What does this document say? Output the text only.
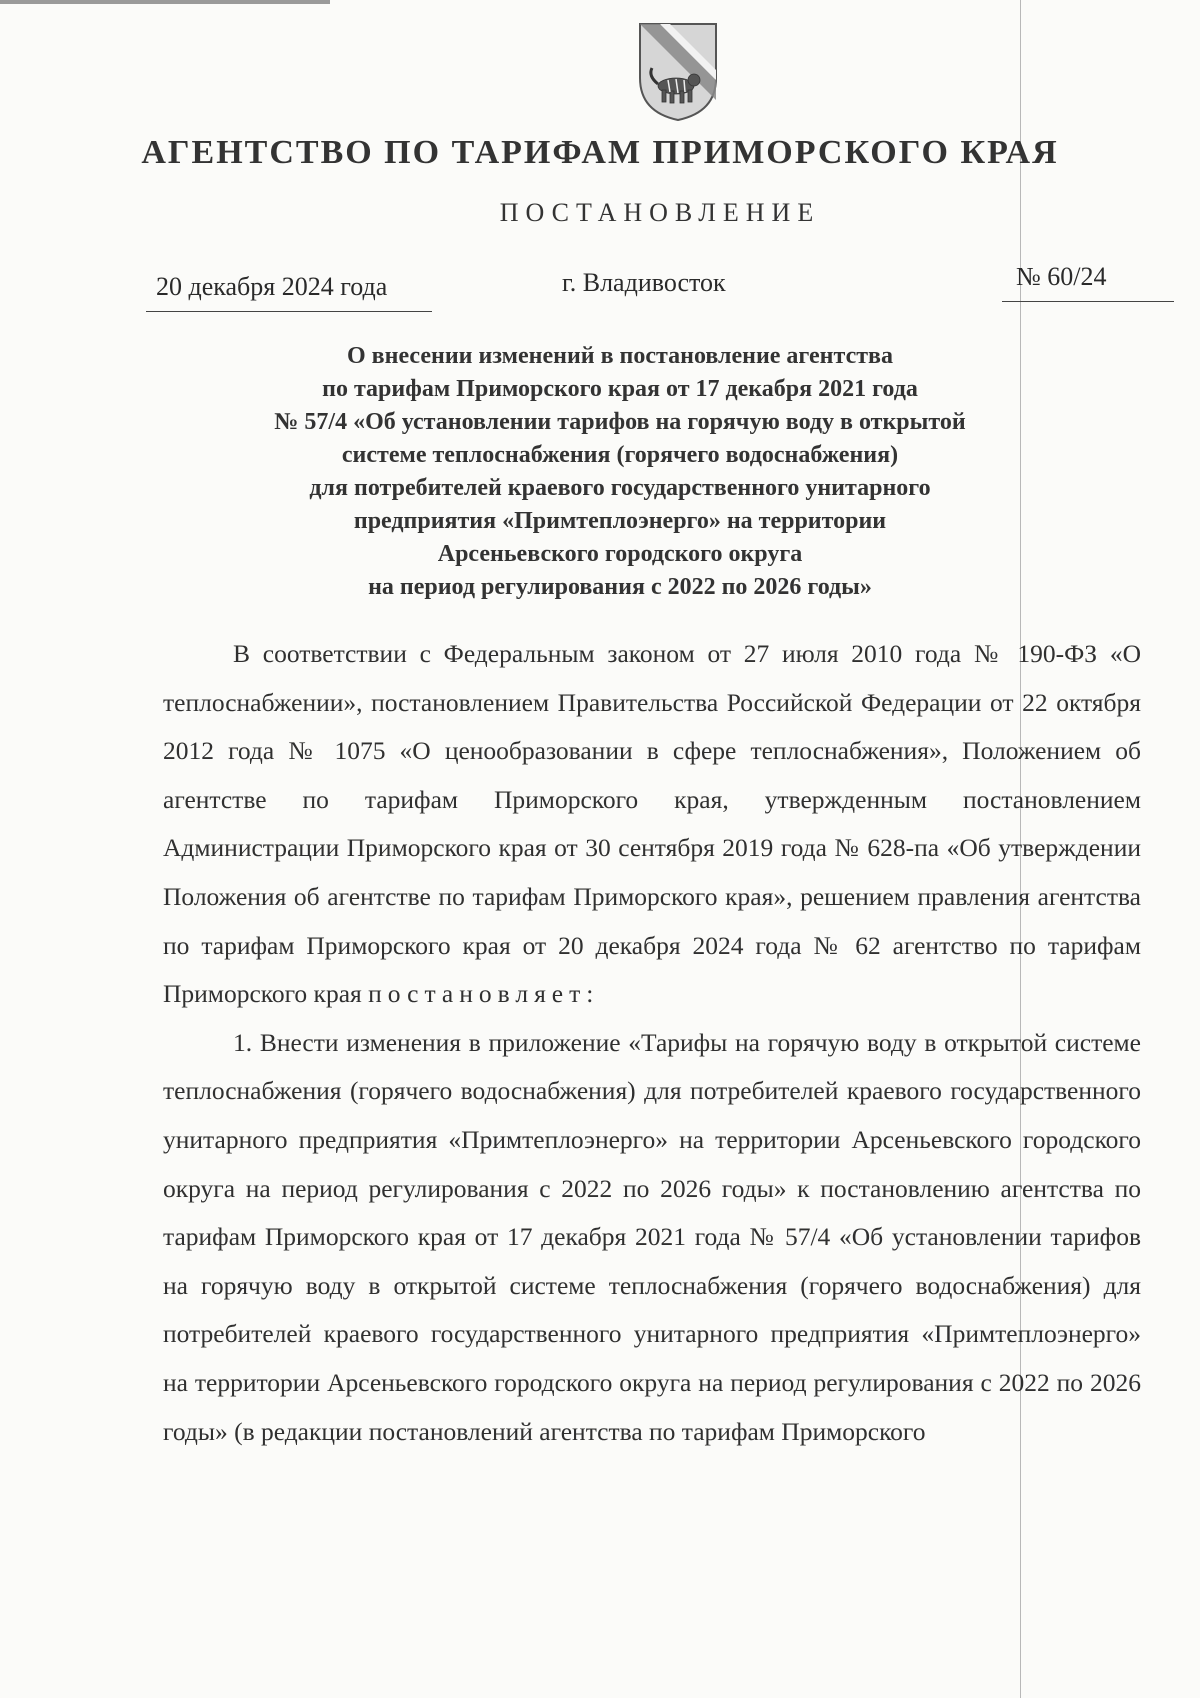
АГЕНТСТВО ПО ТАРИФАМ ПРИМОРСКОГО КРАЯ
ПОСТАНОВЛЕНИЕ
20 декабря 2024 года	г. Владивосток	№ 60/24
О внесении изменений в постановление агентства
по тарифам Приморского края от 17 декабря 2021 года
№ 57/4 «Об установлении тарифов на горячую воду в открытой
системе теплоснабжения (горячего водоснабжения)
для потребителей краевого государственного унитарного
предприятия «Примтеплоэнерго» на территории
Арсеньевского городского округа
на период регулирования с 2022 по 2026 годы»

В соответствии с Федеральным законом от 27 июля 2010 года № 190-ФЗ «О теплоснабжении», постановлением Правительства Российской Федерации от 22 октября 2012 года № 1075 «О ценообразовании в сфере теплоснабжения», Положением об агентстве по тарифам Приморского края, утвержденным постановлением Администрации Приморского края от 30 сентября 2019 года № 628-па «Об утверждении Положения об агентстве по тарифам Приморского края», решением правления агентства по тарифам Приморского края от 20 декабря 2024 года № 62 агентство по тарифам Приморского края постановляет:

1. Внести изменения в приложение «Тарифы на горячую воду в открытой системе теплоснабжения (горячего водоснабжения) для потребителей краевого государственного унитарного предприятия «Примтеплоэнерго» на территории Арсеньевского городского округа на период регулирования с 2022 по 2026 годы» к постановлению агентства по тарифам Приморского края от 17 декабря 2021 года № 57/4 «Об установлении тарифов на горячую воду в открытой системе теплоснабжения (горячего водоснабжения) для потребителей краевого государственного унитарного предприятия «Примтеплоэнерго» на территории Арсеньевского городского округа на период регулирования с 2022 по 2026 годы» (в редакции постановлений агентства по тарифам Приморского
